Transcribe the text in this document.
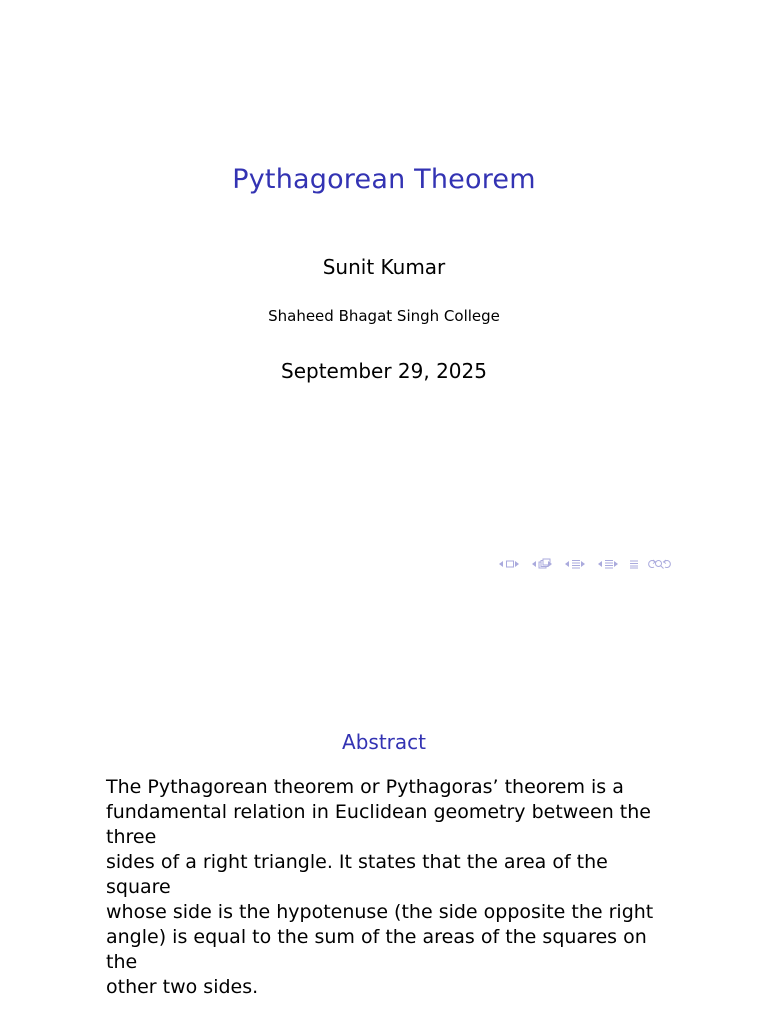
Pythagorean Theorem
Sunit Kumar
Shaheed Bhagat Singh College
September 29, 2025
Abstract
The Pythagorean theorem or Pythagoras’ theorem is a
fundamental relation in Euclidean geometry between the three
sides of a right triangle. It states that the area of the square
whose side is the hypotenuse (the side opposite the right
angle) is equal to the sum of the areas of the squares on the
other two sides.
